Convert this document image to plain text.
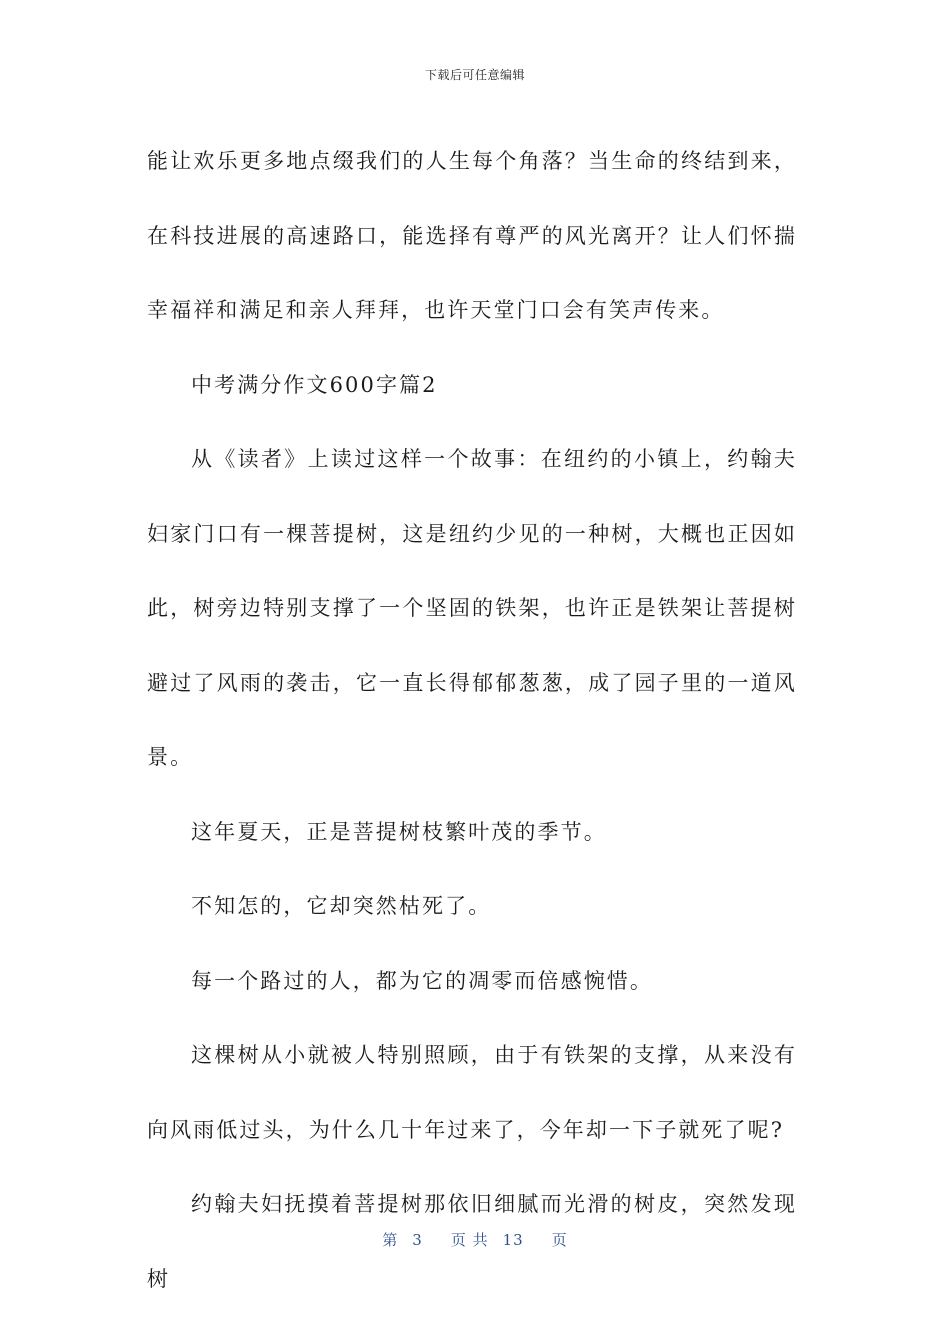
下载后可任意编辑

能让欢乐更多地点缀我们的人生每个角落？当生命的终结到来，在科技进展的高速路口，能选择有尊严的风光离开？让人们怀揣幸福祥和满足和亲人拜拜，也许天堂门口会有笑声传来。

中考满分作文600字篇2

从《读者》上读过这样一个故事：在纽约的小镇上，约翰夫妇家门口有一棵菩提树，这是纽约少见的一种树，大概也正因如此，树旁边特别支撑了一个坚固的铁架，也许正是铁架让菩提树避过了风雨的袭击，它一直长得郁郁葱葱，成了园子里的一道风景。

这年夏天，正是菩提树枝繁叶茂的季节。

不知怎的，它却突然枯死了。

每一个路过的人，都为它的凋零而倍感惋惜。

这棵树从小就被人特别照顾，由于有铁架的支撑，从来没有向风雨低过头，为什么几十年过来了，今年却一下子就死了呢?

约翰夫妇抚摸着菩提树那依旧细腻而光滑的树皮，突然发现树

第 3 页 共 13 页
